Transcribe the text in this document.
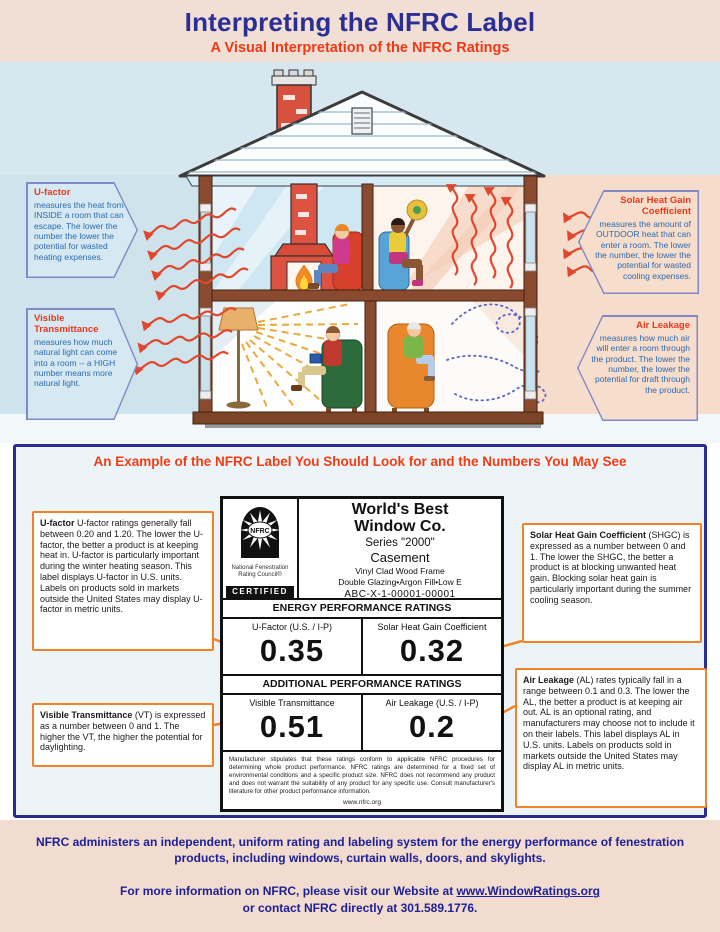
Interpreting the NFRC Label
A Visual Interpretation of the NFRC Ratings
U-factor
measures the heat from INSIDE a room that can escape. The lower the number the lower the potential for wasted heating expenses.
Visible Transmittance
measures how much natural light can come into a room -- a HIGH number means more natural light.
Solar Heat Gain Coefficient
measures the amount of OUTDOOR heat that can enter a room. The lower the number, the lower the potential for wasted cooling expenses.
Air Leakage
measures how much air will enter a room through the product. The lower the number, the lower the potential for draft through the product.
An Example of the NFRC Label You Should Look for and the Numbers You May See
NFRC
National Fenestration Rating Council®
CERTIFIED
World's Best Window Co.
Series "2000"
Casement
Vinyl Clad Wood Frame
Double Glazing•Argon Fill•Low E
ABC-X-1-00001-00001
ENERGY PERFORMANCE RATINGS
U-Factor (U.S. / I-P)
0.35
Solar Heat Gain Coefficient
0.32
ADDITIONAL PERFORMANCE RATINGS
Visible Transmittance
0.51
Air Leakage (U.S. / I-P)
0.2
Manufacturer stipulates that these ratings conform to applicable NFRC procedures for determining whole product performance. NFRC ratings are determined for a fixed set of environmental conditions and a specific product size. NFRC does not recommend any product and does not warrant the suitability of any product for any specific use. Consult manufacturer's literature for other product performance information.
www.nfrc.org
U-factor U-factor ratings generally fall between 0.20 and 1.20. The lower the U-factor, the better a product is at keeping heat in. U-factor is particularly important during the winter heating season. This label displays U-factor in U.S. units. Labels on products sold in markets outside the United States may display U-factor in metric units.
Solar Heat Gain Coefficient (SHGC) is expressed as a number between 0 and 1. The lower the SHGC, the better a product is at blocking unwanted heat gain. Blocking solar heat gain is particularly important during the summer cooling season.
Visible Transmittance (VT) is expressed as a number between 0 and 1. The higher the VT, the higher the potential for daylighting.
Air Leakage (AL) rates typically fall in a range between 0.1 and 0.3. The lower the AL, the better a product is at keeping air out. AL is an optional rating, and manufacturers may choose not to include it on their labels. This label displays AL in U.S. units. Labels on products sold in markets outside the United States may display AL in metric units.
NFRC administers an independent, uniform rating and labeling system for the energy performance of fenestration products, including windows, curtain walls, doors, and skylights.
For more information on NFRC, please visit our Website at www.WindowRatings.org
or contact NFRC directly at 301.589.1776.
